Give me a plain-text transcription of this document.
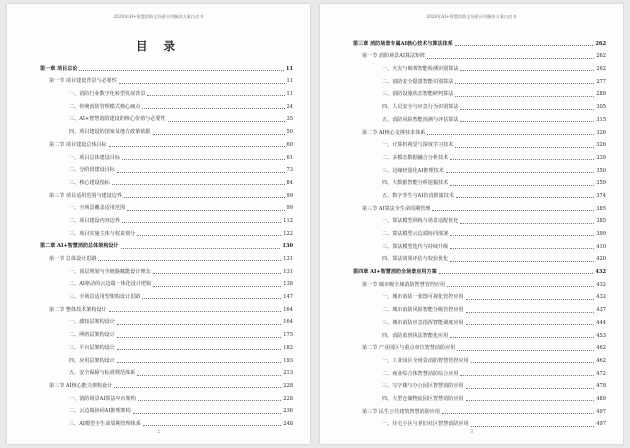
2026年AI+智慧消防全场景应用解决方案白皮书
目 录
第一章 项目总论	11
第一节 项目建设背景与必要性	11
一、消防行业数字化转型发展背景	11
二、传统消防管理模式核心痛点	24
三、AI+智慧消防建设的核心价值与必要性	35
四、项目建设的国家及地方政策依据	50
第二节 项目建设总体目标	60
一、项目总体建设目标	61
二、分阶段建设目标	73
三、核心建设指标	84
第三节 项目适用范围与建设边界	99
一、全场景覆盖适用范围	99
二、项目建设内容边界	112
三、项目实施主体与权责划分	122
第二章 AI+智慧消防总体架构设计	130
第一节 总体设计思路	131
一、顶层规划与全链路赋能设计理念	131
二、AI驱动的云边端一体化设计逻辑	138
三、全场景适用型架构设计思路	147
第二节 整体技术架构设计	164
一、感知层架构设计	164
二、网络层架构设计	175
三、平台层架构设计	182
四、应用层架构设计	193
五、安全保障与标准规范体系	213
第三节 AI核心能力架构设计	228
一、消防场景AI算法中台架构	228
二、云边端协同AI推理架构	236
三、AI模型全生命周期管理体系	248
2
2026年AI+智慧消防全场景应用解决方案白皮书
第三章 消防场景专属AI核心技术与算法体系	262
第一节 消防场景AI算法矩阵	262
一、火灾与烟雾智能检测识别算法	262
二、消防安全隐患智能识别算法	277
三、消防设施状态智能研判算法	288
四、人员安全与应急行为识别算法	305
五、消防风险智能预测与评估算法	315
第二节 AI核心支撑技术体系	326
一、计算机视觉与深度学习技术	326
二、多模态数据融合分析技术	339
三、边缘轻量化AI推理技术	350
四、大数据智能分析挖掘技术	359
五、数字孪生与AI仿真推演技术	374
第三节 AI算法全生命周期管理	385
一、算法模型训练与场景适配优化	385
二、算法模型云边端协同部署	399
三、算法模型迭代与持续升级	410
四、算法效果评估与校验优化	420
第四章 AI+智慧消防全场景应用方案	432
第一节 城市级全域消防智慧管控应用	432
一、城市消防一张图可视化管控应用	432
二、城市消防风险智能分级管控应用	437
三、城市消防应急指挥智能调度应用	444
四、消防监督执法智能化应用	453
第二节 产业园区与重点单位智慧消防应用	462
一、工业园区全场景消防智慧管控应用	462
二、商业综合体智慧消防综合应用	472
三、写字楼与办公园区智慧消防应用	478
四、大型仓储物流园区智慧消防应用	489
第三节 民生公共建筑智慧消防应用	497
一、住宅小区与老旧社区智慧消防应用	497
3
